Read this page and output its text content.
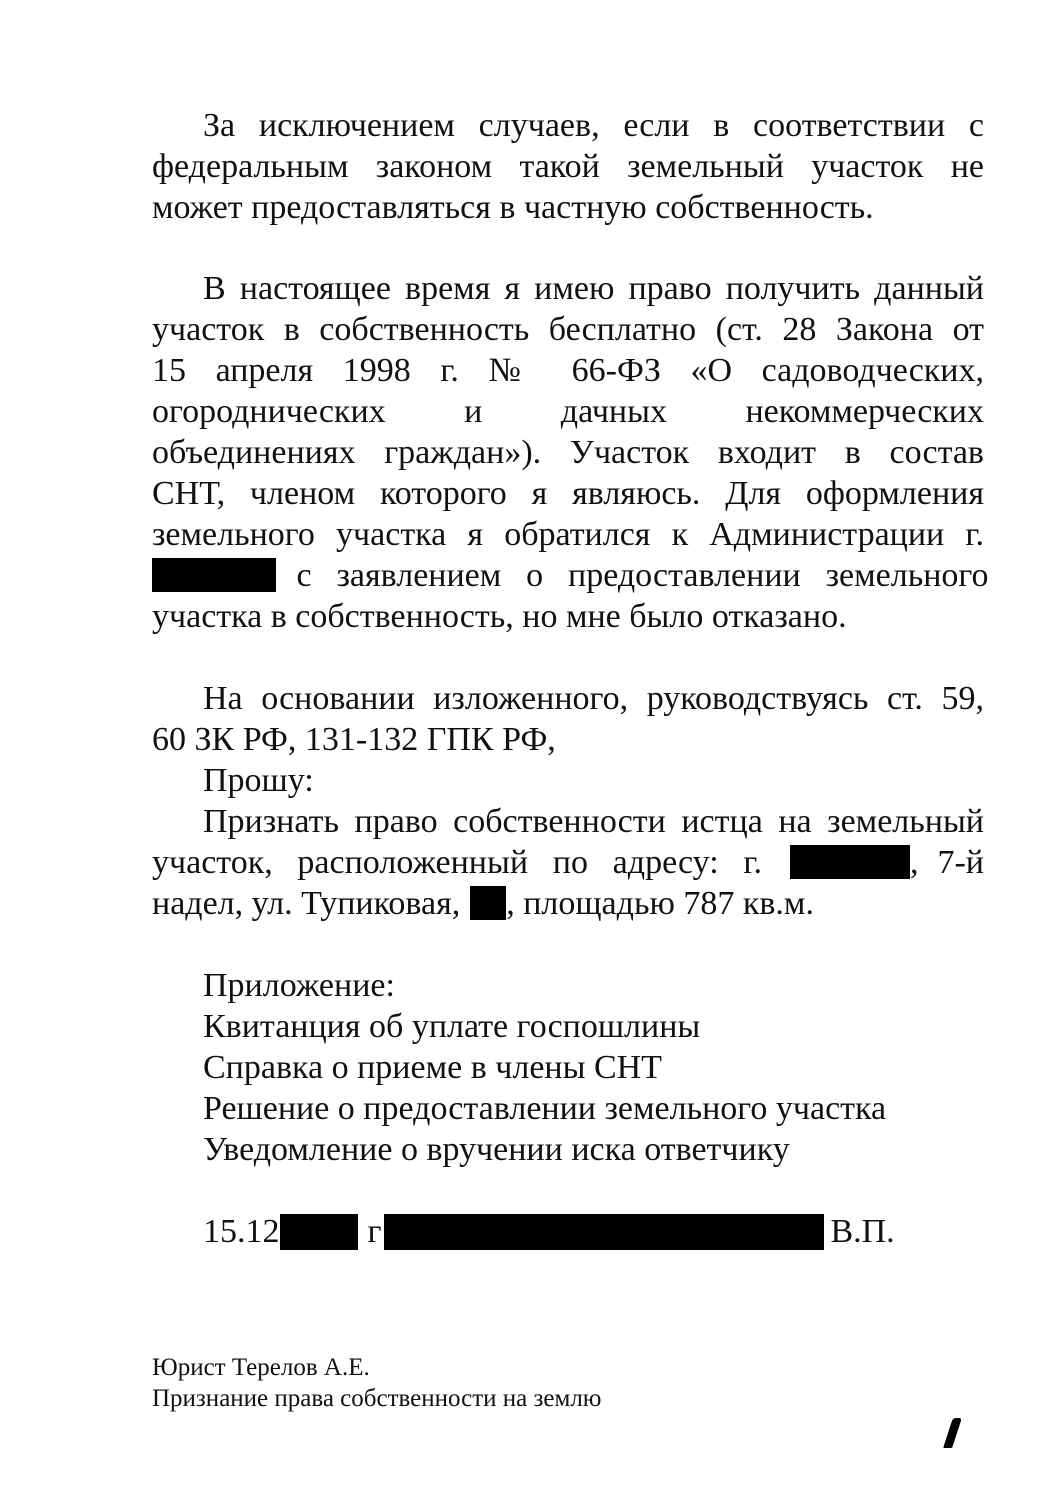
За исключением случаев, если в соответствии с
федеральным законом такой земельный участок не
может предоставляться в частную собственность.
В настоящее время я имею право получить данный
участок в собственность бесплатно (ст. 28 Закона от
15 апреля 1998 г. № 66-ФЗ «О садоводческих,
огороднических и дачных некоммерческих
объединениях граждан»). Участок входит в состав
СНТ, членом которого я являюсь. Для оформления
земельного участка я обратился к Администрации г.
с заявлением о предоставлении земельного
участка в собственность, но мне было отказано.
На основании изложенного, руководствуясь ст. 59,
60 ЗК РФ, 131-132 ГПК РФ,
Прошу:
Признать право собственности истца на земельный
участок, расположенный по адресу: г.	, 7-й
надел, ул. Тупиковая, , площадью 787 кв.м.
Приложение:
Квитанция об уплате госпошлины
Справка о приеме в члены СНТ
Решение о предоставлении земельного участка
Уведомление о вручении иска ответчику
15.12	г	В.П.
Юрист Терелов А.Е.
Признание права собственности на землю
